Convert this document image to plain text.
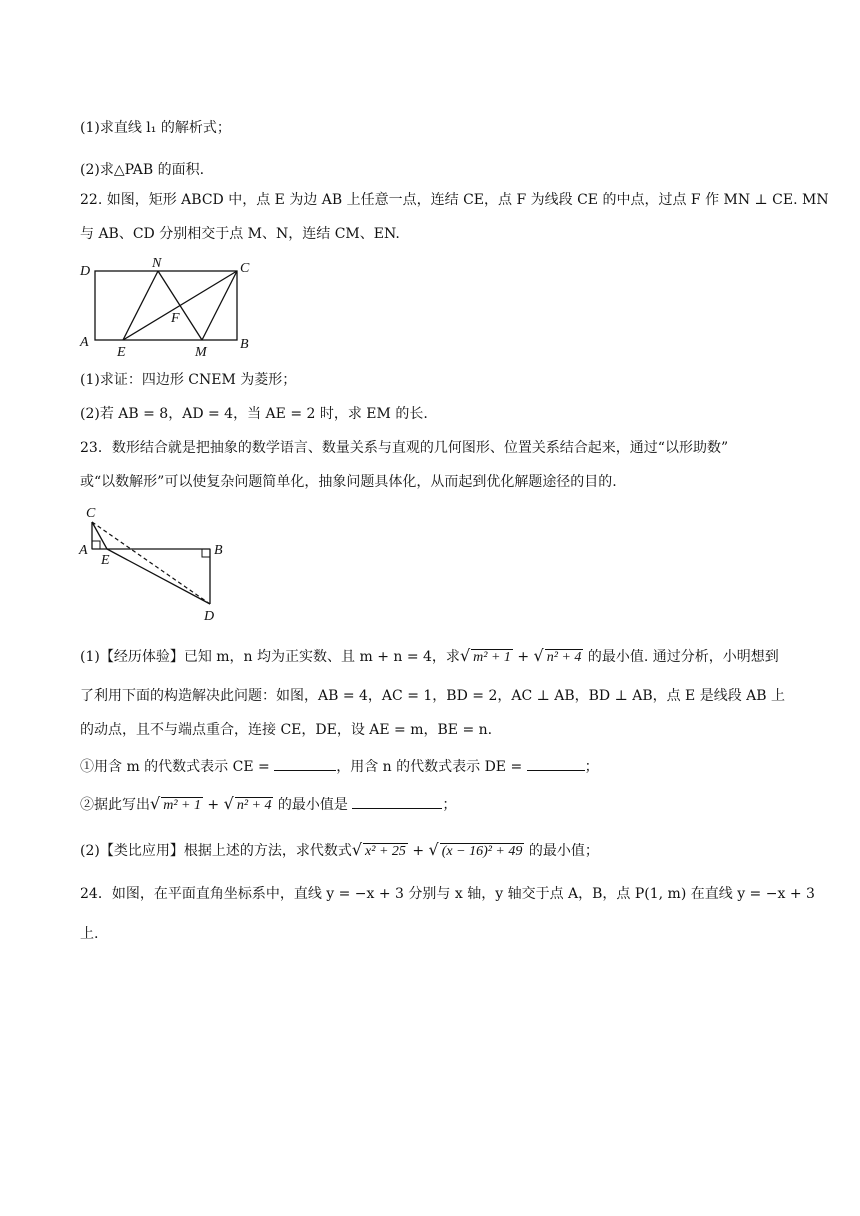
(1)求直线 l₁ 的解析式；
(2)求△PAB 的面积.
22. 如图，矩形 ABCD 中，点 E 为边 AB 上任意一点，连结 CE，点 F 为线段 CE 的中点，过点 F 作 MN ⊥ CE. MN
与 AB、CD 分别相交于点 M、N，连结 CM、EN.
D
N	C
F
A
E	M
B
(1)求证：四边形 CNEM 为菱形；
(2)若 AB = 8，AD = 4，当 AE = 2 时，求 EM 的长.
23．数形结合就是把抽象的数学语言、数量关系与直观的几何图形、位置关系结合起来，通过“以形助数”
或“以数解形”可以使复杂问题简单化，抽象问题具体化，从而起到优化解题途径的目的.
C
A	B
E
D
(1)【经历体验】已知 m，n 均为正实数、且 m + n = 4，求√ m² + 1 + √ n² + 4 的最小值. 通过分析，小明想到
了利用下面的构造解决此问题：如图，AB = 4，AC = 1，BD = 2，AC ⊥ AB，BD ⊥ AB，点 E 是线段 AB 上
的动点，且不与端点重合，连接 CE，DE，设 AE = m，BE = n.
①用含 m 的代数式表示 CE =	，用含 n 的代数式表示 DE =	；
②据此写出√ m² + 1 + √ n² + 4 的最小值是	；
(2)【类比应用】根据上述的方法，求代数式√ x² + 25 + √ (x − 16)² + 49 的最小值；
24．如图，在平面直角坐标系中，直线 y = −x + 3 分别与 x 轴，y 轴交于点 A，B，点 P(1, m) 在直线 y = −x + 3
上.
